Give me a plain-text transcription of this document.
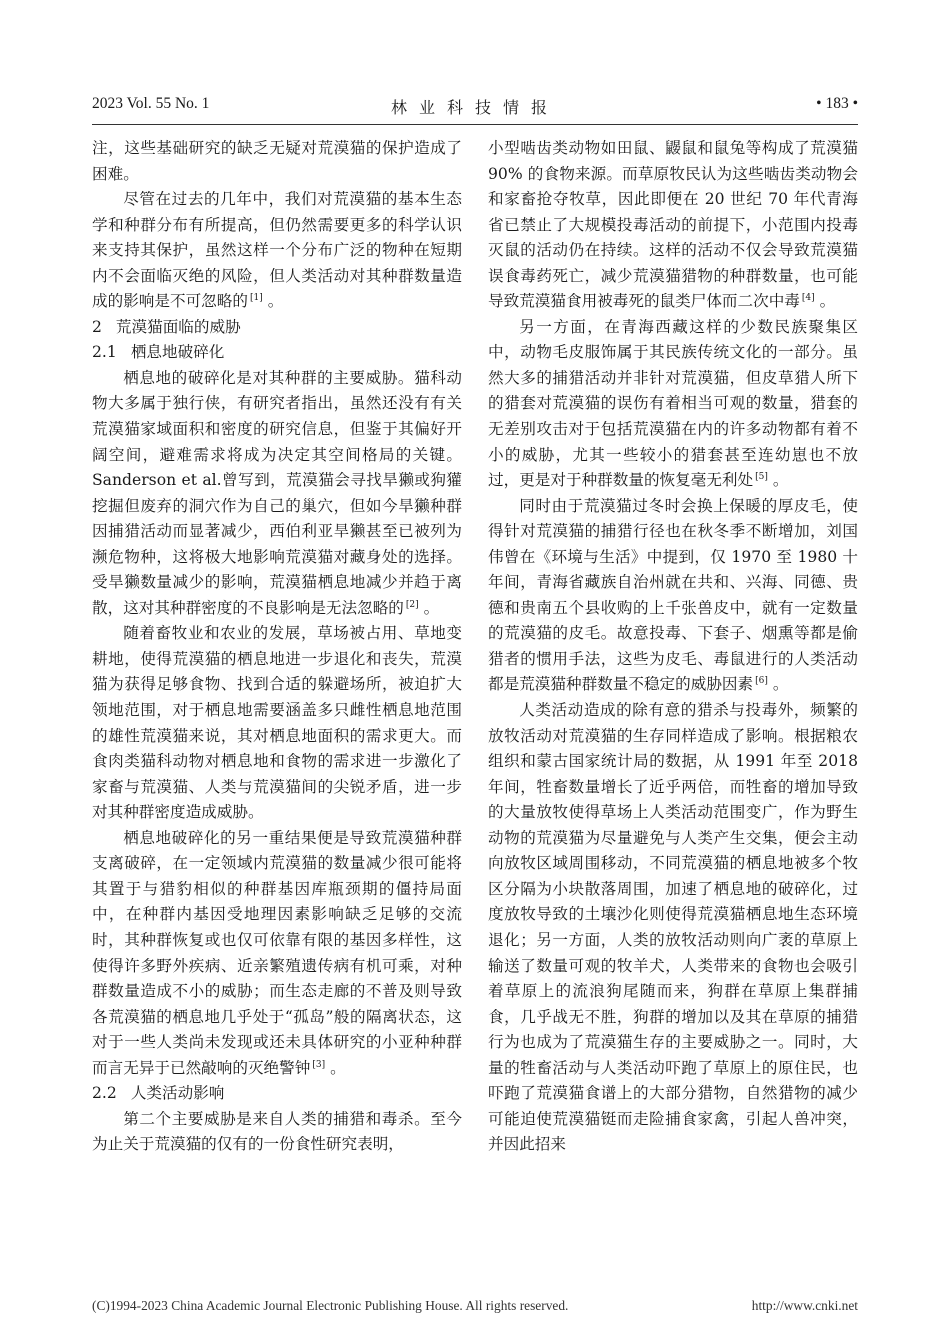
2023 Vol. 55 No. 1	林业科技情报	• 183 •

注，这些基础研究的缺乏无疑对荒漠猫的保护造成了困难。

尽管在过去的几年中，我们对荒漠猫的基本生态学和种群分布有所提高，但仍然需要更多的科学认识来支持其保护，虽然这样一个分布广泛的物种在短期内不会面临灭绝的风险，但人类活动对其种群数量造成的影响是不可忽略的 [1] 。

2 荒漠猫面临的威胁

2.1 栖息地破碎化

栖息地的破碎化是对其种群的主要威胁。猫科动物大多属于独行侠，有研究者指出，虽然还没有有关荒漠猫家域面积和密度的研究信息，但鉴于其偏好开阔空间，避难需求将成为决定其空间格局的关键。Sanderson et al.曾写到，荒漠猫会寻找旱獭或狗獾挖掘但废弃的洞穴作为自己的巢穴，但如今旱獭种群因捕猎活动而显著减少，西伯利亚旱獭甚至已被列为濒危物种，这将极大地影响荒漠猫对藏身处的选择。受旱獭数量减少的影响，荒漠猫栖息地减少并趋于离散，这对其种群密度的不良影响是无法忽略的 [2] 。

随着畜牧业和农业的发展，草场被占用、草地变耕地，使得荒漠猫的栖息地进一步退化和丧失，荒漠猫为获得足够食物、找到合适的躲避场所，被迫扩大领地范围，对于栖息地需要涵盖多只雌性栖息地范围的雄性荒漠猫来说，其对栖息地面积的需求更大。而食肉类猫科动物对栖息地和食物的需求进一步激化了家畜与荒漠猫、人类与荒漠猫间的尖锐矛盾，进一步对其种群密度造成威胁。

栖息地破碎化的另一重结果便是导致荒漠猫种群支离破碎，在一定领域内荒漠猫的数量减少很可能将其置于与猎豹相似的种群基因库瓶颈期的僵持局面中，在种群内基因受地理因素影响缺乏足够的交流时，其种群恢复或也仅可依靠有限的基因多样性，这使得许多野外疾病、近亲繁殖遗传病有机可乘，对种群数量造成不小的威胁；而生态走廊的不普及则导致各荒漠猫的栖息地几乎处于“孤岛”般的隔离状态，这对于一些人类尚未发现或还未具体研究的小亚种种群而言无异于已然敲响的灭绝警钟 [3] 。

2.2 人类活动影响

第二个主要威胁是来自人类的捕猎和毒杀。至今为止关于荒漠猫的仅有的一份食性研究表明，

小型啮齿类动物如田鼠、鼹鼠和鼠兔等构成了荒漠猫 90% 的食物来源。而草原牧民认为这些啮齿类动物会和家畜抢夺牧草，因此即便在 20 世纪 70 年代青海省已禁止了大规模投毒活动的前提下，小范围内投毒灭鼠的活动仍在持续。这样的活动不仅会导致荒漠猫误食毒药死亡，减少荒漠猫猎物的种群数量，也可能导致荒漠猫食用被毒死的鼠类尸体而二次中毒 [4] 。

另一方面，在青海西藏这样的少数民族聚集区中，动物毛皮服饰属于其民族传统文化的一部分。虽然大多的捕猎活动并非针对荒漠猫，但皮草猎人所下的猎套对荒漠猫的误伤有着相当可观的数量，猎套的无差别攻击对于包括荒漠猫在内的许多动物都有着不小的威胁，尤其一些较小的猎套甚至连幼崽也不放过，更是对于种群数量的恢复毫无利处 [5] 。

同时由于荒漠猫过冬时会换上保暖的厚皮毛，使得针对荒漠猫的捕猎行径也在秋冬季不断增加，刘国伟曾在《环境与生活》中提到，仅 1970 至 1980 十年间，青海省藏族自治州就在共和、兴海、同德、贵德和贵南五个县收购的上千张兽皮中，就有一定数量的荒漠猫的皮毛。故意投毒、下套子、烟熏等都是偷猎者的惯用手法，这些为皮毛、毒鼠进行的人类活动都是荒漠猫种群数量不稳定的威胁因素 [6] 。

人类活动造成的除有意的猎杀与投毒外，频繁的放牧活动对荒漠猫的生存同样造成了影响。根据粮农组织和蒙古国家统计局的数据，从 1991 年至 2018 年间，牲畜数量增长了近乎两倍，而牲畜的增加导致的大量放牧使得草场上人类活动范围变广，作为野生动物的荒漠猫为尽量避免与人类产生交集，便会主动向放牧区域周围移动，不同荒漠猫的栖息地被多个牧区分隔为小块散落周围，加速了栖息地的破碎化，过度放牧导致的土壤沙化则使得荒漠猫栖息地生态环境退化；另一方面，人类的放牧活动则向广袤的草原上输送了数量可观的牧羊犬，人类带来的食物也会吸引着草原上的流浪狗尾随而来，狗群在草原上集群捕食，几乎战无不胜，狗群的增加以及其在草原的捕猎行为也成为了荒漠猫生存的主要威胁之一。同时，大量的牲畜活动与人类活动吓跑了草原上的原住民，也吓跑了荒漠猫食谱上的大部分猎物，自然猎物的减少可能迫使荒漠猫铤而走险捕食家禽，引起人兽冲突，并因此招来

(C)1994-2023 China Academic Journal Electronic Publishing House. All rights reserved.	http://www.cnki.net
